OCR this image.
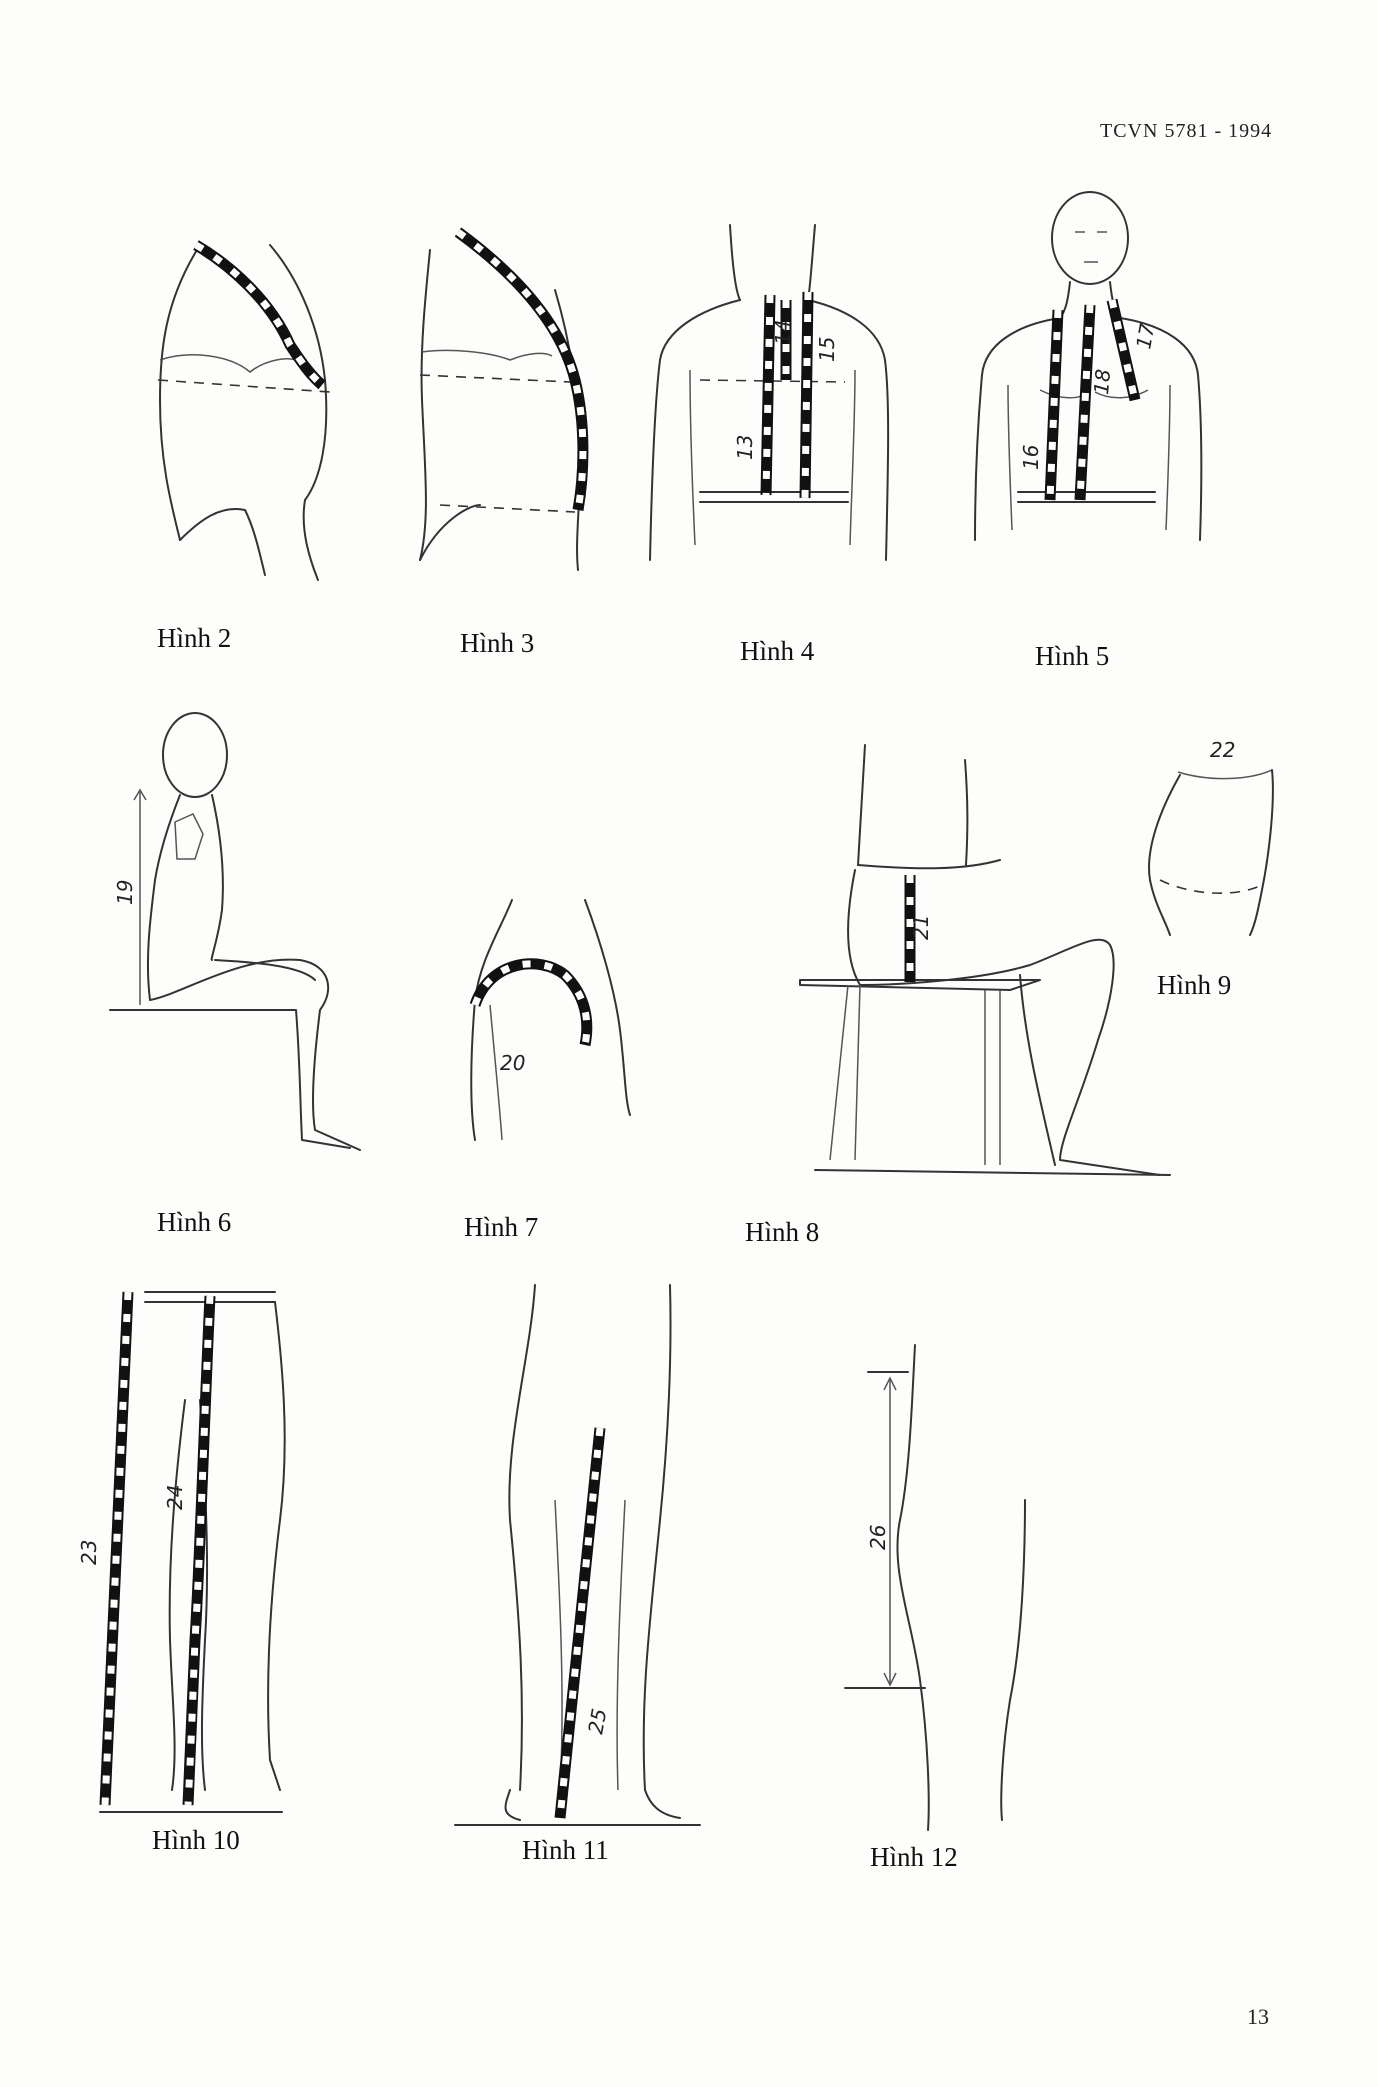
TCVN 5781 - 1994
13
14
15
16
17
18
19
20
21
22
23
24
25
26
Hình 2	Hình 3	Hình 4	Hình 5
Hình 6	Hình 7	Hình 8
Hình 9
Hình 10	Hình 11	Hình 12
13
